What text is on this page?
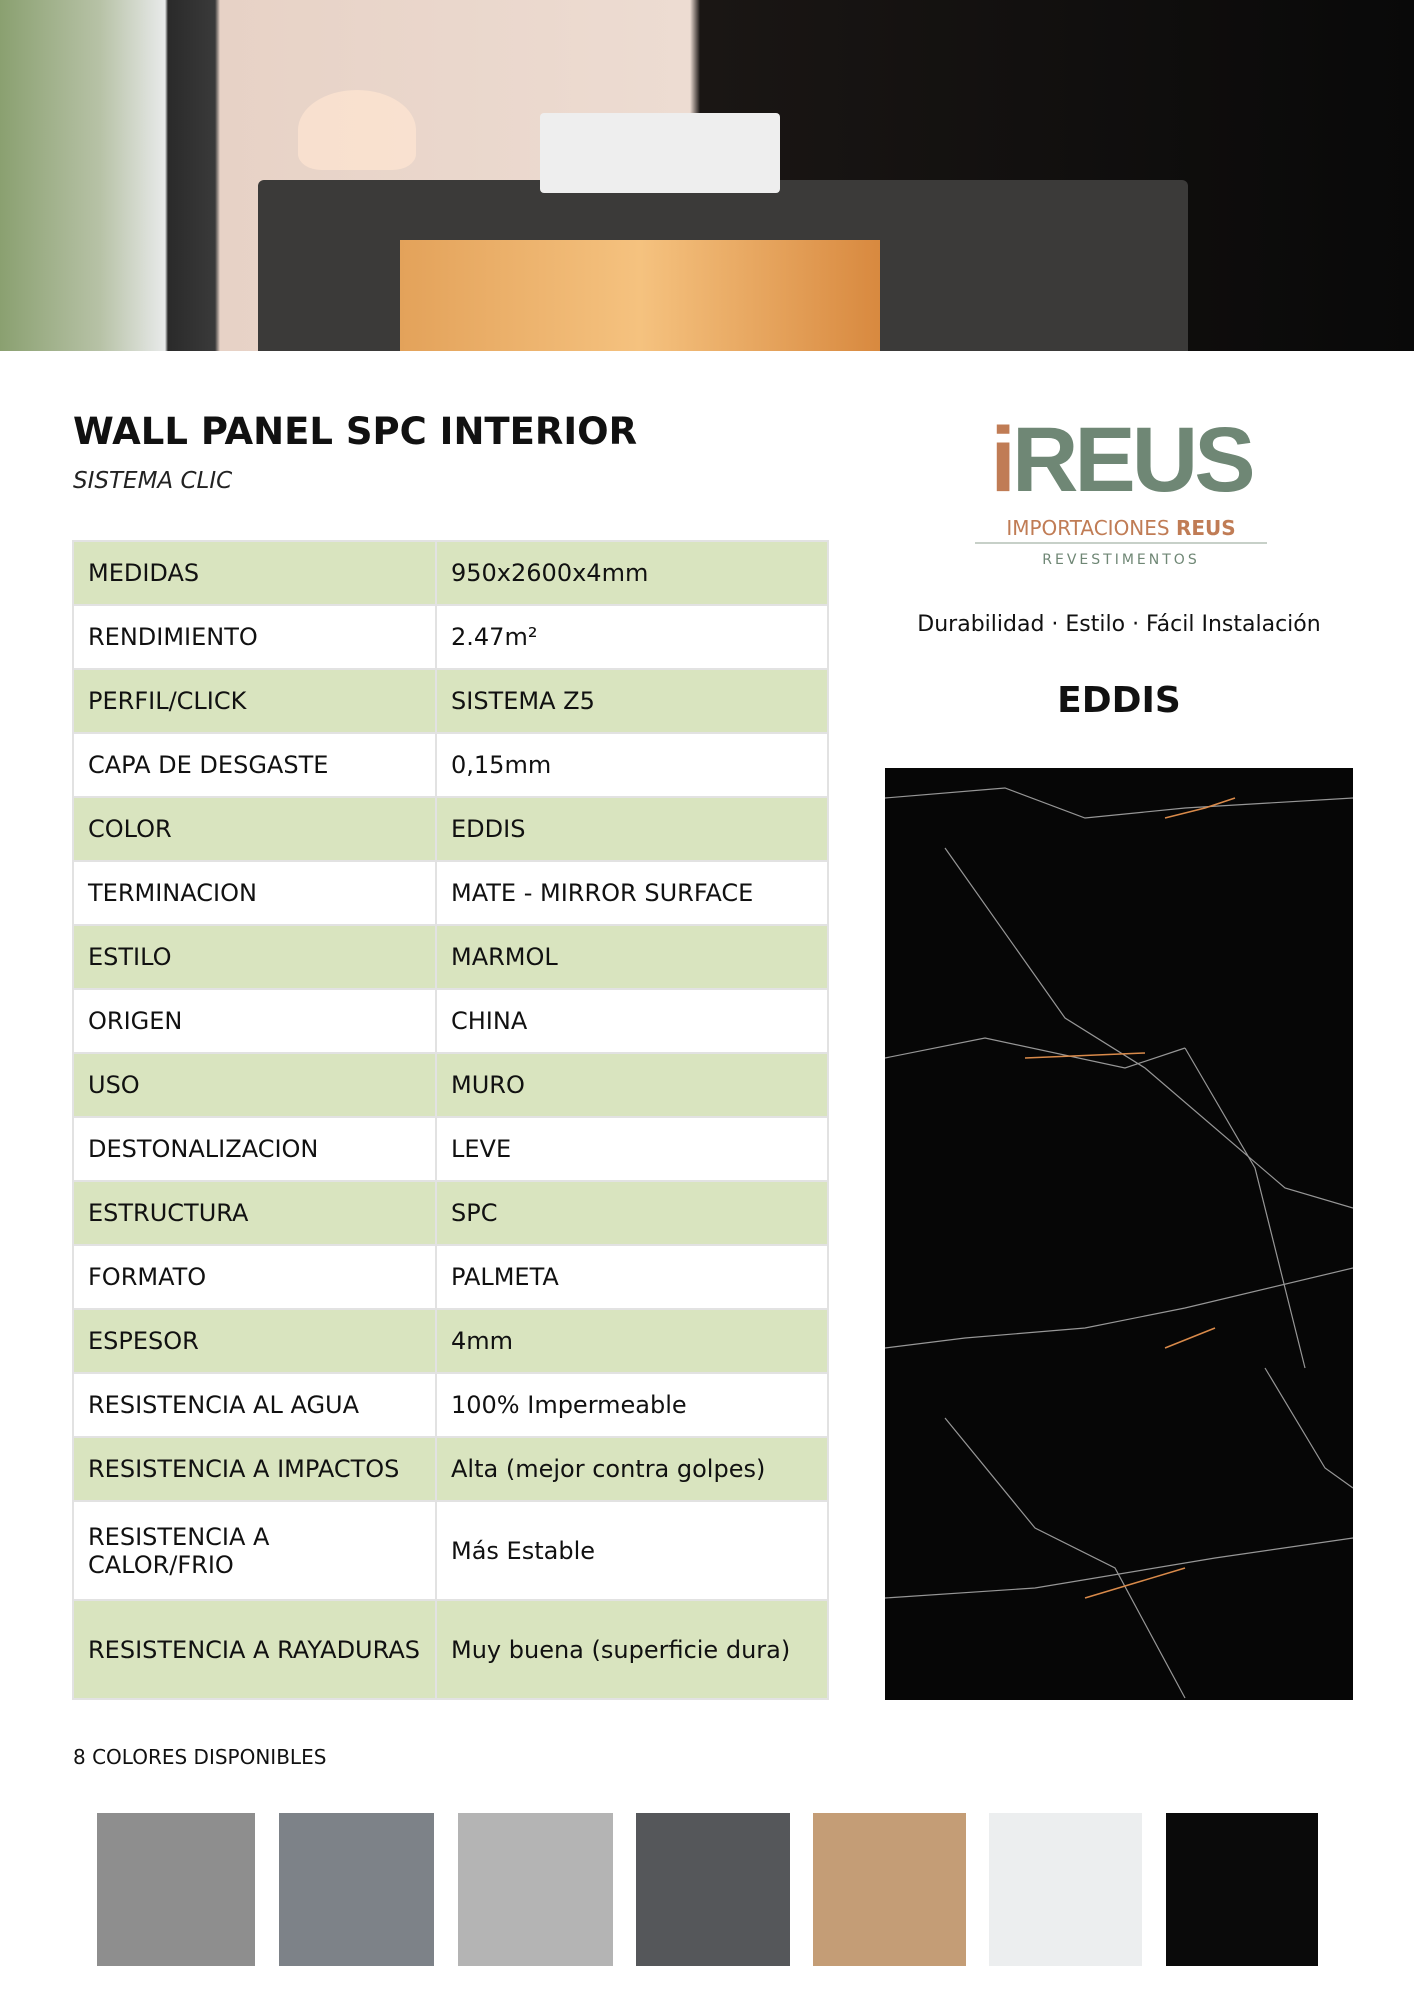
WALL PANEL SPC INTERIOR
SISTEMA CLIC
MEDIDAS	950x2600x4mm
RENDIMIENTO	2.47m²
PERFIL/CLICK	SISTEMA Z5
CAPA DE DESGASTE	0,15mm
COLOR	EDDIS
TERMINACION	MATE - MIRROR SURFACE
ESTILO	MARMOL
ORIGEN	CHINA
USO	MURO
DESTONALIZACION	LEVE
ESTRUCTURA	SPC
FORMATO	PALMETA
ESPESOR	4mm
RESISTENCIA AL AGUA	100% Impermeable
RESISTENCIA A IMPACTOS	Alta (mejor contra golpes)
RESISTENCIA A CALOR/FRIO	Más Estable
RESISTENCIA A RAYADURAS	Muy buena (superficie dura)
iREUS
IMPORTACIONES REUS
REVESTIMENTOS
Durabilidad · Estilo · Fácil Instalación
EDDIS
8 COLORES DISPONIBLES
